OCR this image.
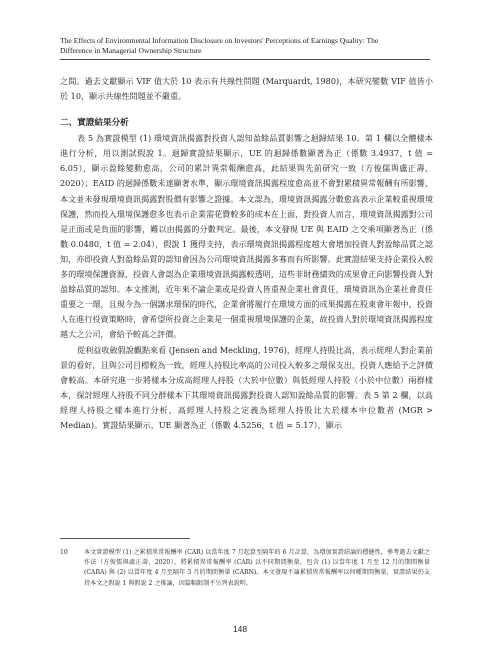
The Effects of Environmental Information Disclosure on Investors' Perceptions of Earnings Quality: The
Difference in Managerial Ownership Structure

之間。過去文獻顯示 VIF 值大於 10 表示有共線性問題 (Marquardt, 1980)，本研究變數 VIF 值皆小於 10，顯示共線性問題並不嚴重。

二、實證結果分析

表 5 為實證模型 (1) 環境資訊揭露對投資人認知盈餘品質影響之迴歸結果 10。第 1 欄以全體樣本進行分析，用以測試假說 1。迴歸實證結果顯示，UE 的迴歸係數顯著為正（係數 3.4937，t 值 = 6.05），顯示盈餘變動愈高，公司的累計異常報酬愈高，此結果與先前研究一致（方俊儒與盧正壽，2020）；EAID 的迴歸係數未達顯著水準，顯示環境資訊揭露程度愈高並不會對累積異常報酬有所影響，本文並未發現環境資訊揭露對股價有影響之證據。本文認為，環境資訊揭露分數愈高表示企業較重視環境保護，然而投入環境保護愈多也表示企業需花費較多的成本在上面，對投資人而言，環境資訊揭露對公司是正面或是負面的影響，難以由揭露的分數判定。最後，本文發現 UE 與 EAID 之交乘項顯著為正（係數 0.0480，t 值 = 2.04），假說 1 獲得支持，表示環境資訊揭露程度越大會增加投資人對盈餘品質之認知，亦即投資人對盈餘品質的認知會因為公司環境資訊揭露多寡而有所影響。此實證結果支持企業投入較多的環境保護資源，投資人會認為企業環境資訊揭露較透明，這些非財務績效的成果會正向影響投資人對盈餘品質的認知。本文推測，近年來不論企業或是投資人皆重視企業社會責任，環境資訊為企業社會責任重要之一環，且現今為一個講求環保的時代，企業會將履行在環境方面的成果揭露在股東會年報中，投資人在進行投資策略時，會希望所投資之企業是一個重視環境保護的企業，故投資人對於環境資訊揭露程度越大之公司，會給予較高之評價。

從利益收斂假說觀點來看 (Jensen and Meckling, 1976)，經理人持股比高，表示經理人對企業前景的看好，且與公司目標較為一致，經理人持股比率高的公司投入較多之環保支出，投資人應給予之評價會較高。本研究進一步將樣本分成高經理人持股（大於中位數）與低經理人持股（小於中位數）兩群樣本，探討經理人持股不同分群樣本下其環境資訊揭露對投資人認知盈餘品質的影響。表 5 第 2 欄，以高經理人持股之樣本進行分析，高經理人持股之定義為經理人持股比大於樣本中位數者 (MGR > Median)。實證結果顯示，UE 顯著為正（係數 4.5256，t 值 = 5.17），顯示

10	本文實證模型 (1) 之累積異常報酬率 (CAR) 以當年度 7 月起算至隔年的 6 月計算，為增加實證結論的穩健性，參考過去文獻之作法（方俊儒與盧正壽，2020），將累積異常報酬率 (CAR) 以不同期間衡量，包含 (1) 以當年度 1 月至 12 月的期間衡量 (CARA) 與 (2) 以當年度 4 月至隔年 3 月的期間衡量 (CARN)。本文發現不論累積異常報酬率以何種期間衡量，實證結果仍支持本文之假說 1 與假說 2 之推論，因篇幅限制不另列表說明。
148
